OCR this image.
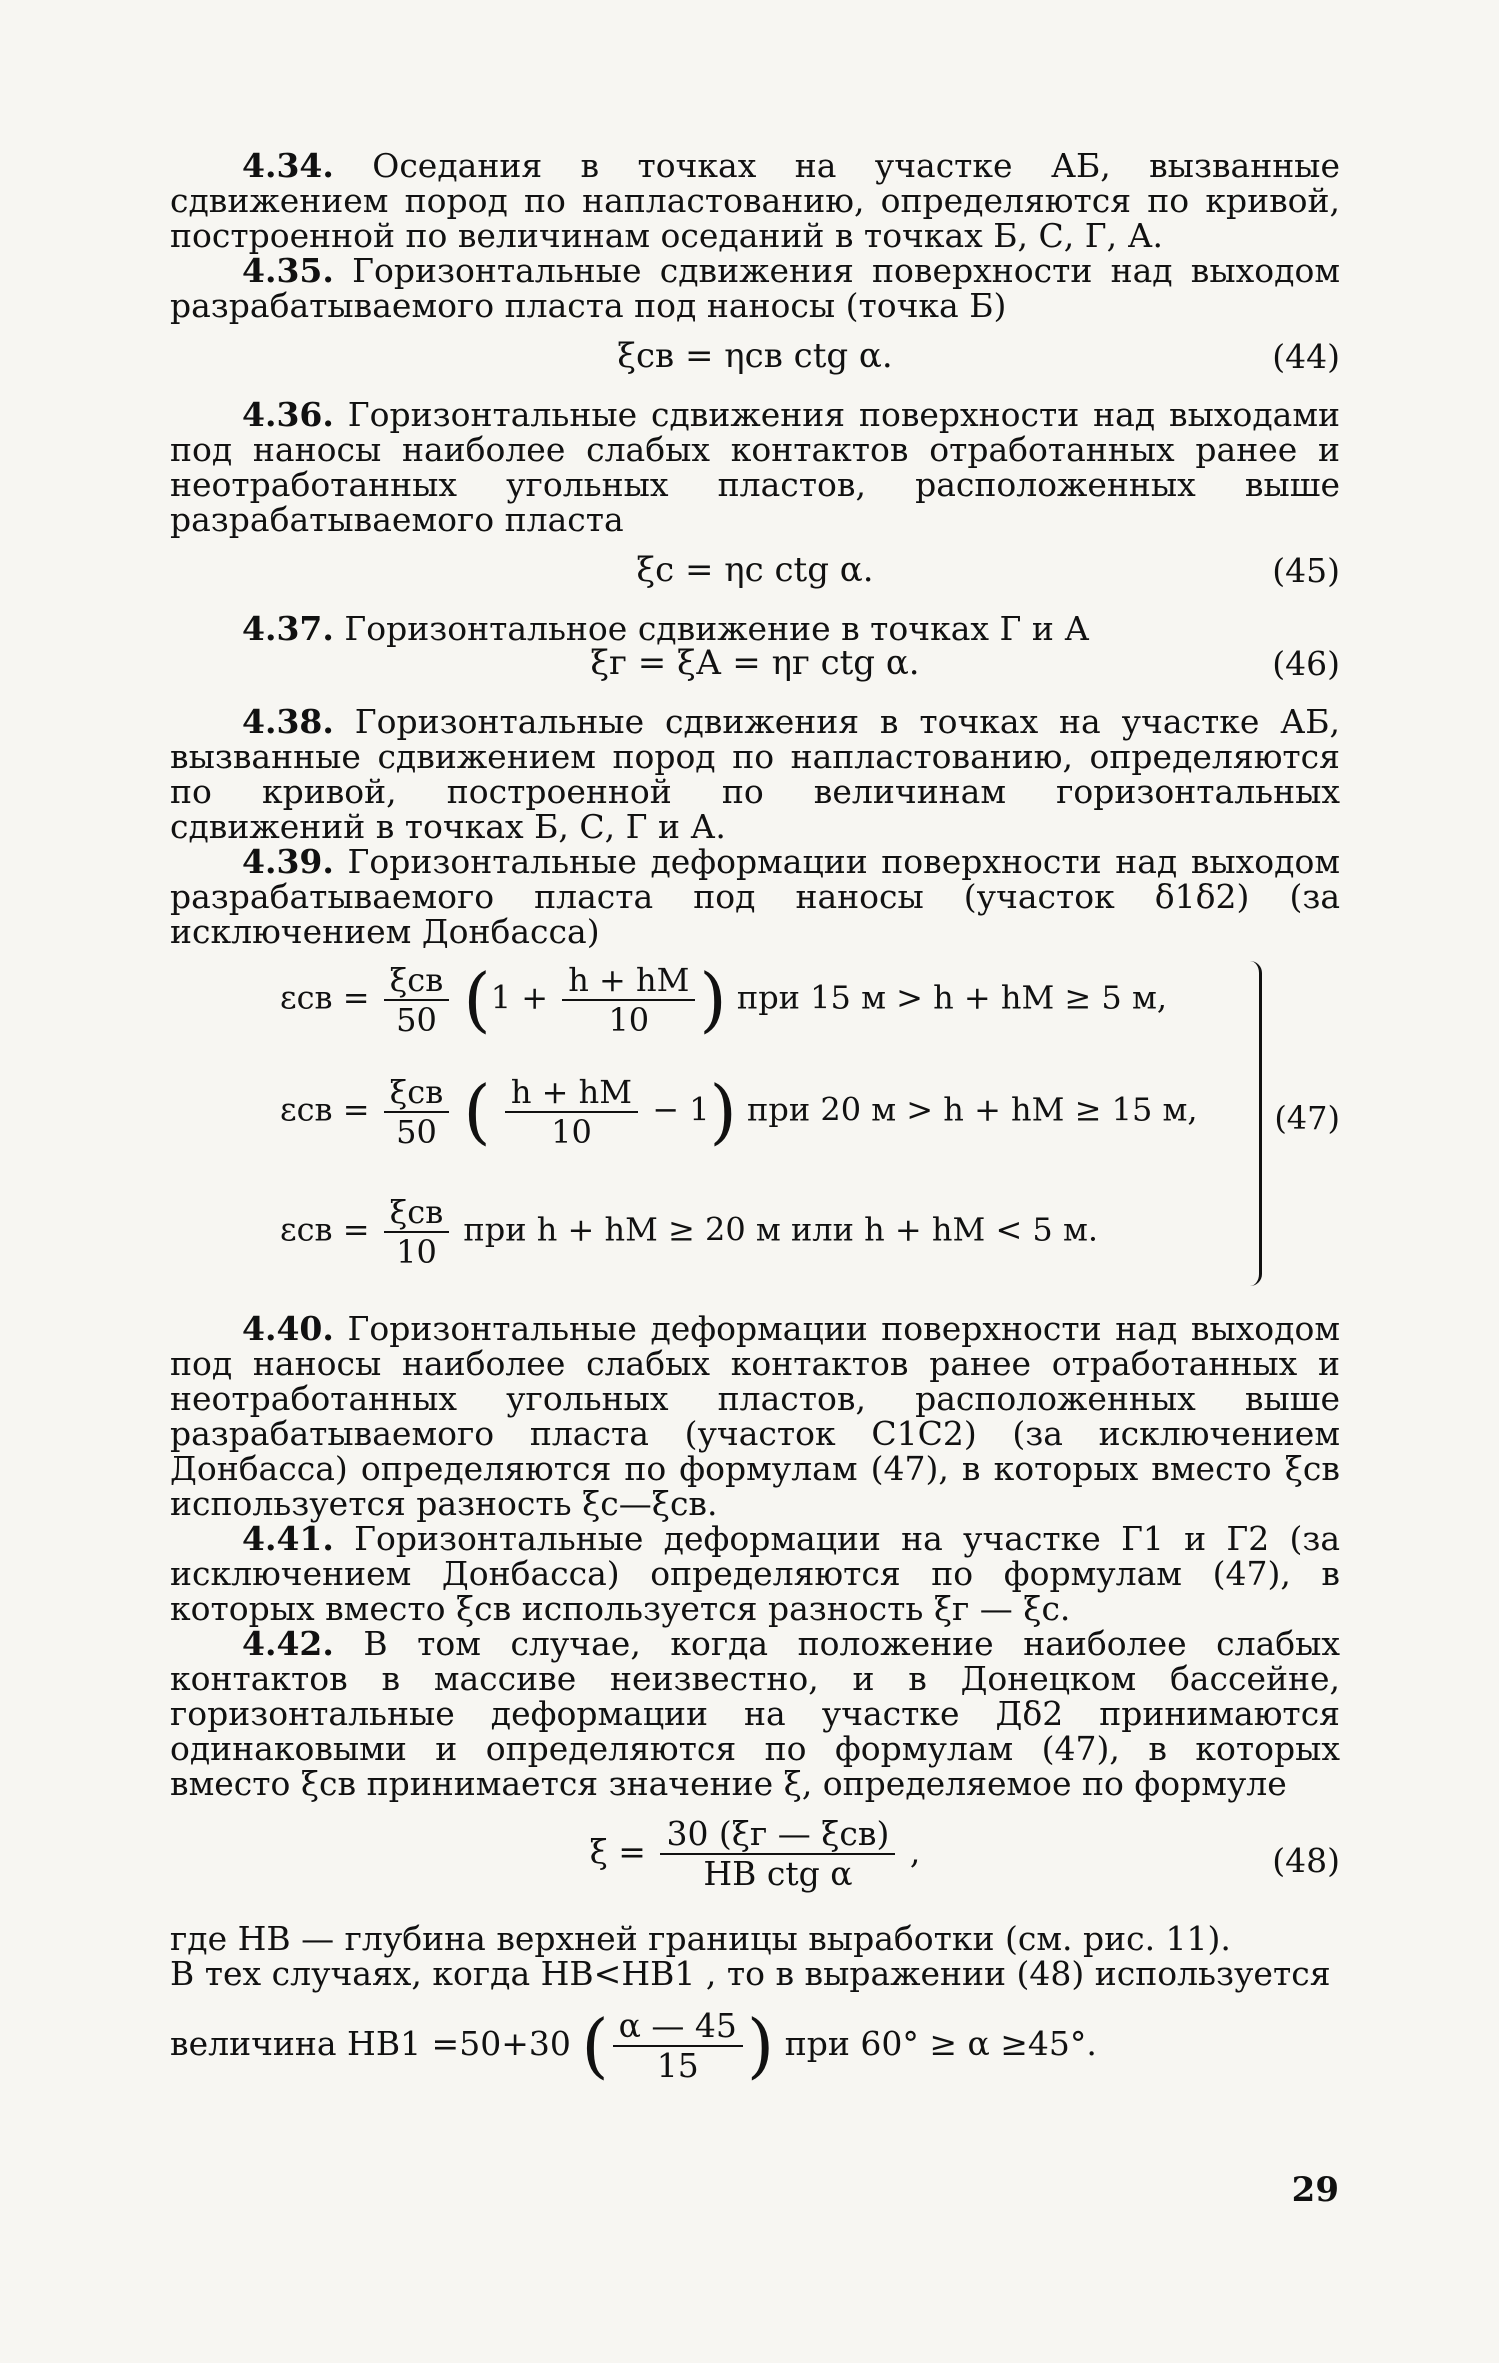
4.34. Оседания в точках на участке АБ, вызванные сдвижением пород по напластованию, определяются по кривой, построенной по величинам оседаний в точках Б, С, Г, А.

4.35. Горизонтальные сдвижения поверхности над выходом разрабатываемого пласта под наносы (точка Б)

ξсв = ηсв ctg α.	(44)

4.36. Горизонтальные сдвижения поверхности над выходами под наносы наиболее слабых контактов отработанных ранее и неотработанных угольных пластов, расположенных выше разрабатываемого пласта

ξс = ηс ctg α.	(45)

4.37. Горизонтальное сдвижение в точках Г и А

ξг = ξА = ηг ctg α.	(46)

4.38. Горизонтальные сдвижения в точках на участке АБ, вызванные сдвижением пород по напластованию, определяются по кривой, построенной по величинам горизонтальных сдвижений в точках Б, С, Г и А.

4.39. Горизонтальные деформации поверхности над выходом разрабатываемого пласта под наносы (участок δ1δ2) (за исключением Донбасса)

$\varepsilon св = \frac{\text{ξсв}}{50} (1 + \frac{h + hM}{10}$ ) при 15 м > h + hM ≥ 5 м,
$\varepsilon св = \frac{\text{ξсв}}{50}$ ( $\frac{h + hM}{10} - 1$) при 20 м > h + hM ≥ 15 м,
$\varepsilon св = \frac{\text{ξсв}}{10}$ при h + hM ≥ 20 м или h + hM < 5 м.
(47)

4.40. Горизонтальные деформации поверхности над выходом под наносы наиболее слабых контактов ранее отработанных и неотработанных угольных пластов, расположенных выше разрабатываемого пласта (участок C1C2) (за исключением Донбасса) определяются по формулам (47), в которых вместо ξсв используется разность ξс—ξсв.

4.41. Горизонтальные деформации на участке Г1 и Г2 (за исключением Донбасса) определяются по формулам (47), в которых вместо ξсв используется разность ξг — ξс.

4.42. В том случае, когда положение наиболее слабых контактов в массиве неизвестно, и в Донецком бассейне, горизонтальные деформации на участке Дδ2 принимаются одинаковыми и определяются по формулам (47), в которых вместо ξсв принимается значение ξ, определяемое по формуле

$\xi = \frac{\text{30 (ξг — ξсв)}}{\text{HB ctg α}}$ ,	(48)

где HB — глубина верхней границы выработки (см. рис. 11).

В тех случаях, когда HB<HB1 , то в выражении (48) используется

величина HB1 =50+30 ( $\frac{\alpha — 45}{15}$ ) при 60° ≥ α ≥45°.
29
